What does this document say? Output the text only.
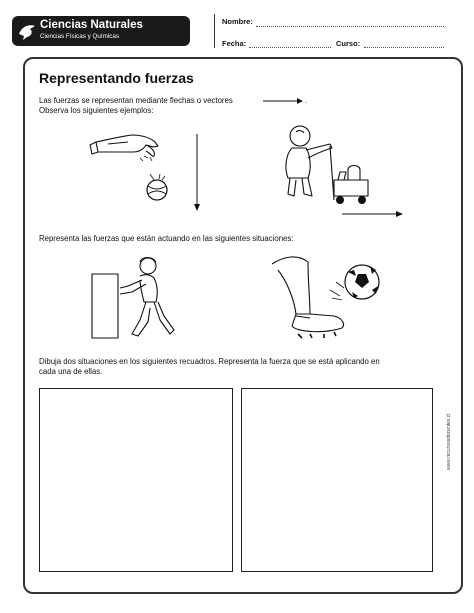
Ciencias Naturales
Ciencias Físicas y Químicas
Nombre:
Fecha:	Curso:
Representando fuerzas
Las fuerzas se representan mediante flechas o vectores	.
Observa los siguientes ejemplos:
Representa las fuerzas que están actuando en las siguientes situaciones:
Dibuja dos situaciones en los siguientes recuadros. Representa la fuerza que se está aplicando en
cada una de ellas.
www.recursosdocentes.cl
